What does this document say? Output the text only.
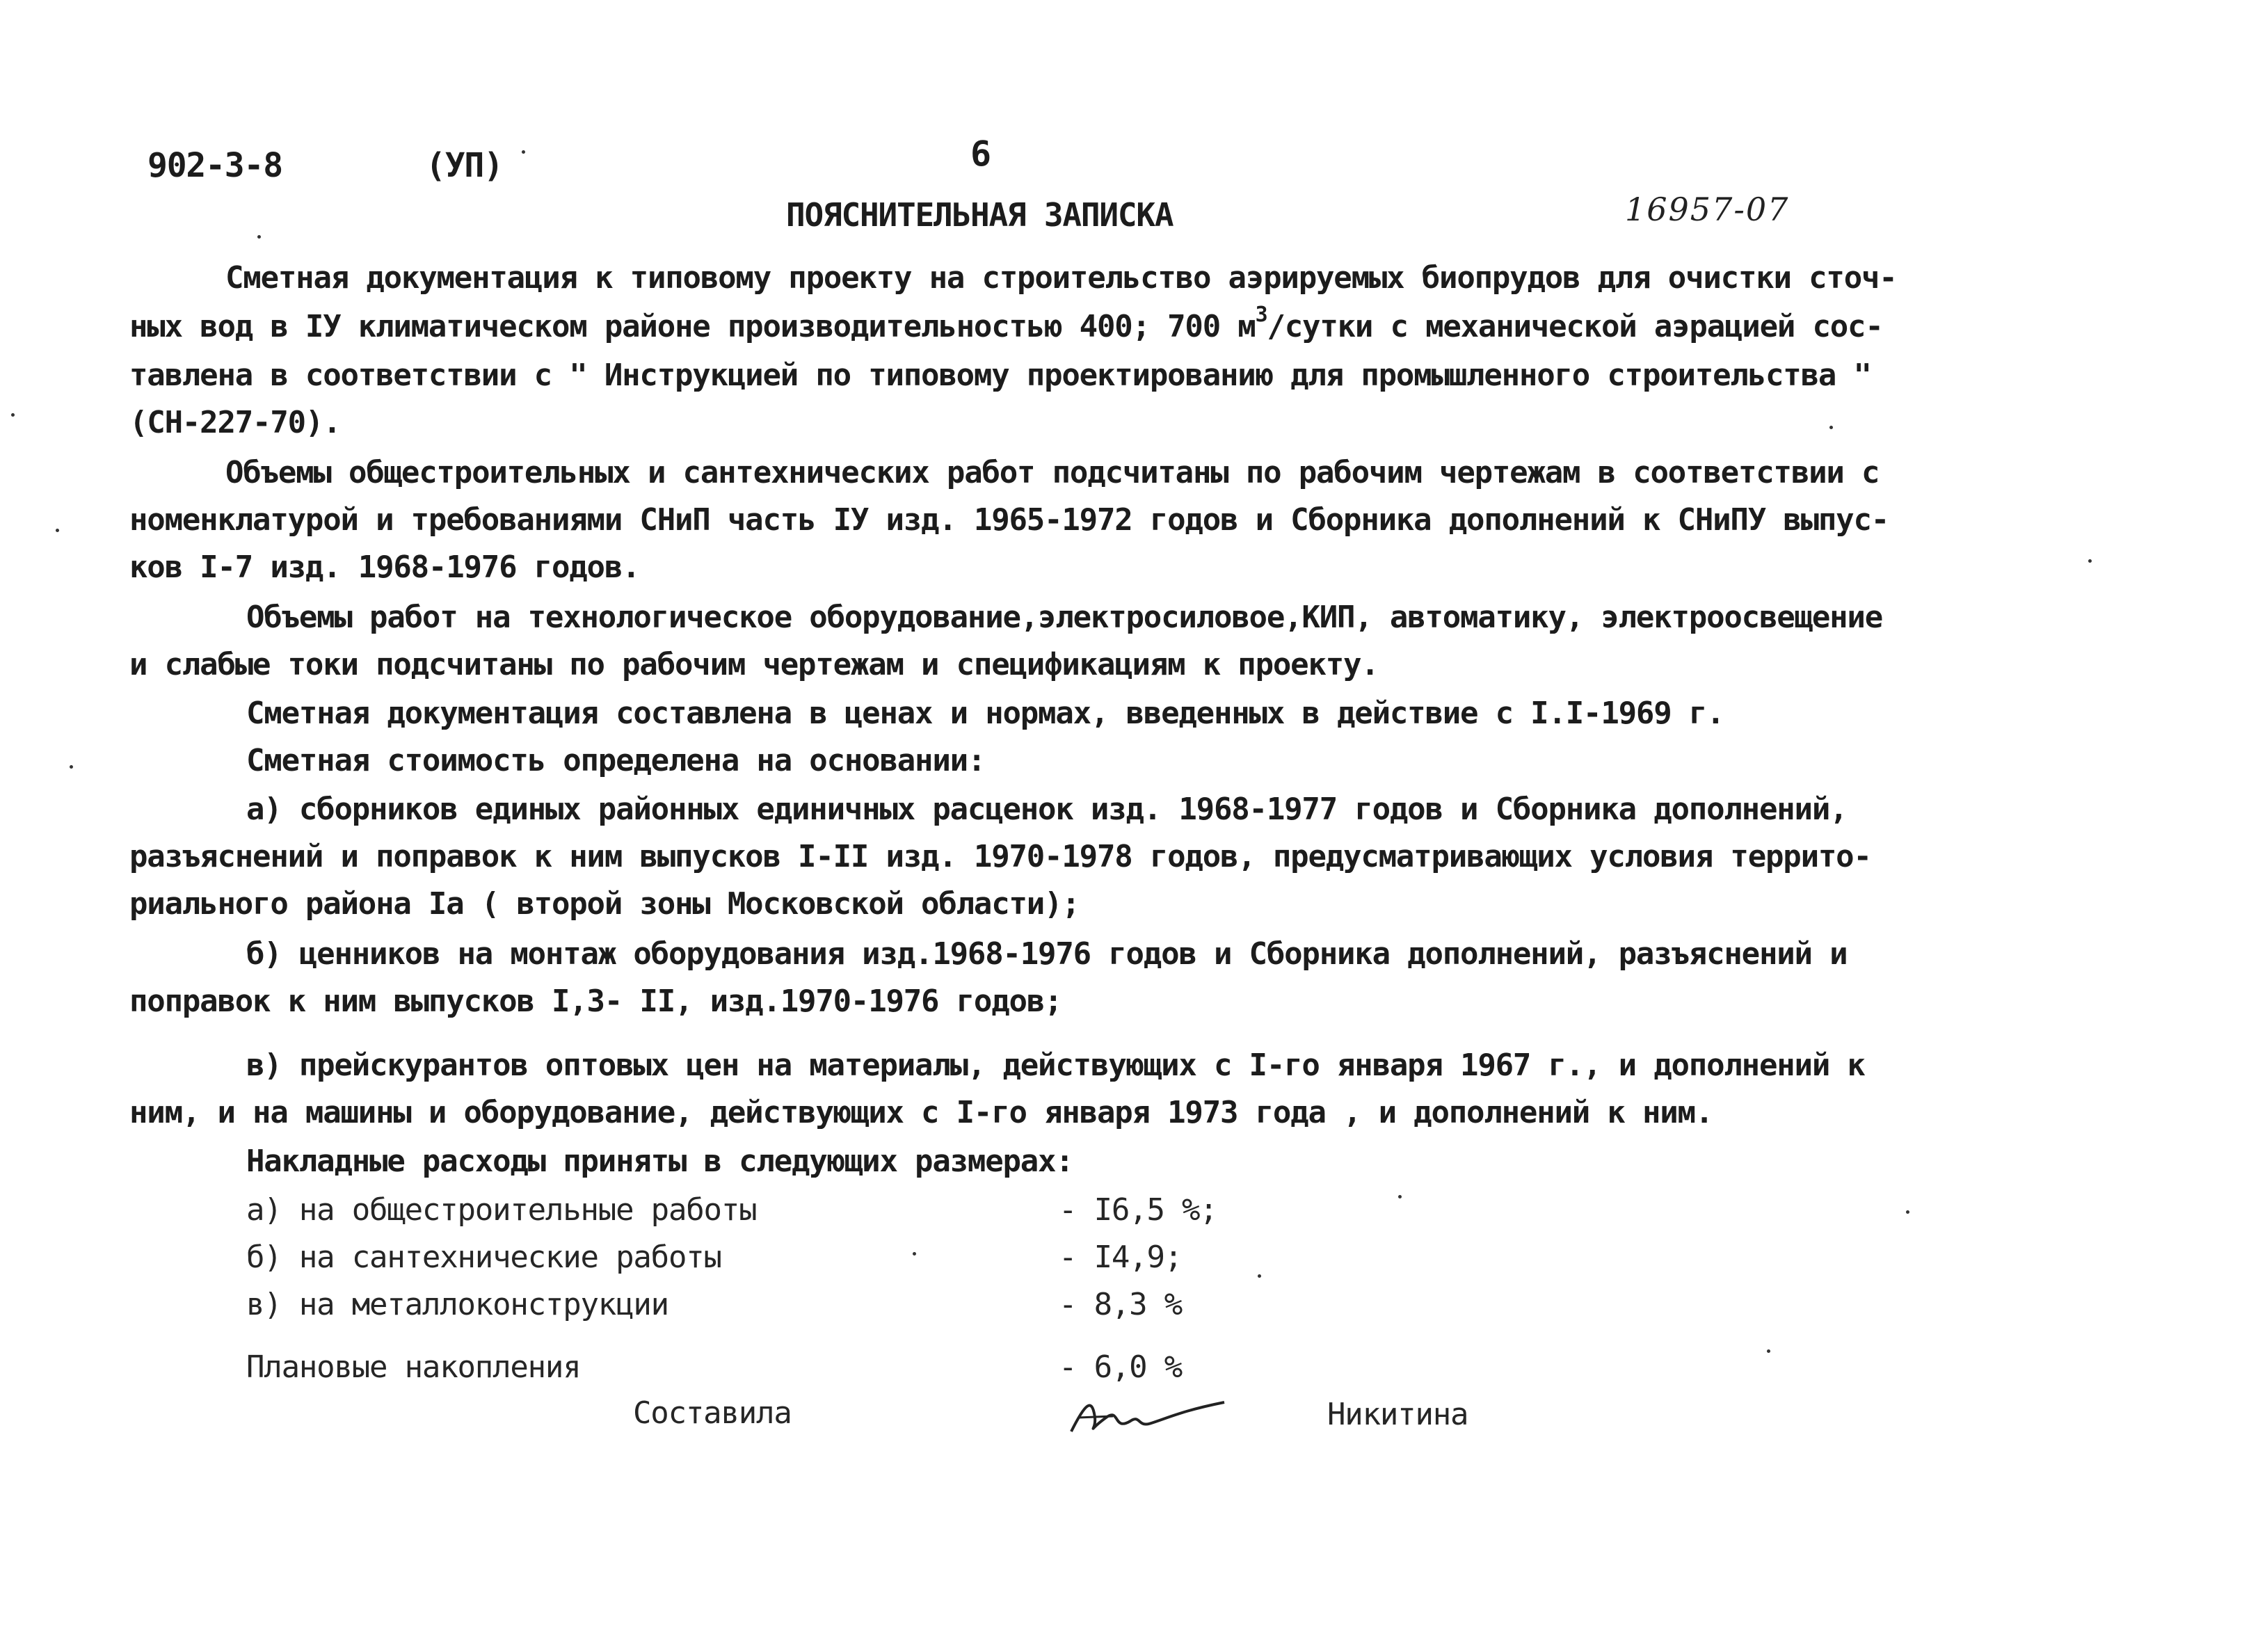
902-3-8	(УП)	6
ПОЯСНИТЕЛЬНАЯ ЗАПИСКА	16957-07
Сметная документация к типовому проекту на строительство аэрируемых биопрудов для очистки сточ-
ных вод в IУ климатическом районе производительностью 400; 700 $м^3$/сутки с механической аэрацией сос-
тавлена в соответствии с " Инструкцией по типовому проектированию для промышленного строительства "
(СН-227-70).
Объемы общестроительных и сантехнических работ подсчитаны по рабочим чертежам в соответствии с
номенклатурой и требованиями СНиП часть IУ изд. 1965-1972 годов и Сборника дополнений к СНиПУ выпус-
ков I-7 изд. 1968-1976 годов.
Объемы работ на технологическое оборудование,электросиловое,КИП, автоматику, электроосвещение
и слабые токи подсчитаны по рабочим чертежам и спецификациям к проекту.
Сметная документация составлена в ценах и нормах, введенных в действие с I.I-1969 г.
Сметная стоимость определена на основании:
а) сборников единых районных единичных расценок изд. 1968-1977 годов и Сборника дополнений,
разъяснений и поправок к ним выпусков I-II изд. 1970-1978 годов, предусматривающих условия террито-
риального района Iа ( второй зоны Московской области);
б) ценников на монтаж оборудования изд.1968-1976 годов и Сборника дополнений, разъяснений и
поправок к ним выпусков I,3- II, изд.1970-1976 годов;
в) прейскурантов оптовых цен на материалы, действующих с I-го января 1967 г., и дополнений к
ним, и на машины и оборудование, действующих с I-го января 1973 года , и дополнений к ним.
Накладные расходы приняты в следующих размерах:
а) на общестроительные работы	- I6,5 %;
б) на сантехнические работы	- I4,9;
в) на металлоконструкции	- 8,3 %
Плановые накопления	- 6,0 %
Составила	Никитина
